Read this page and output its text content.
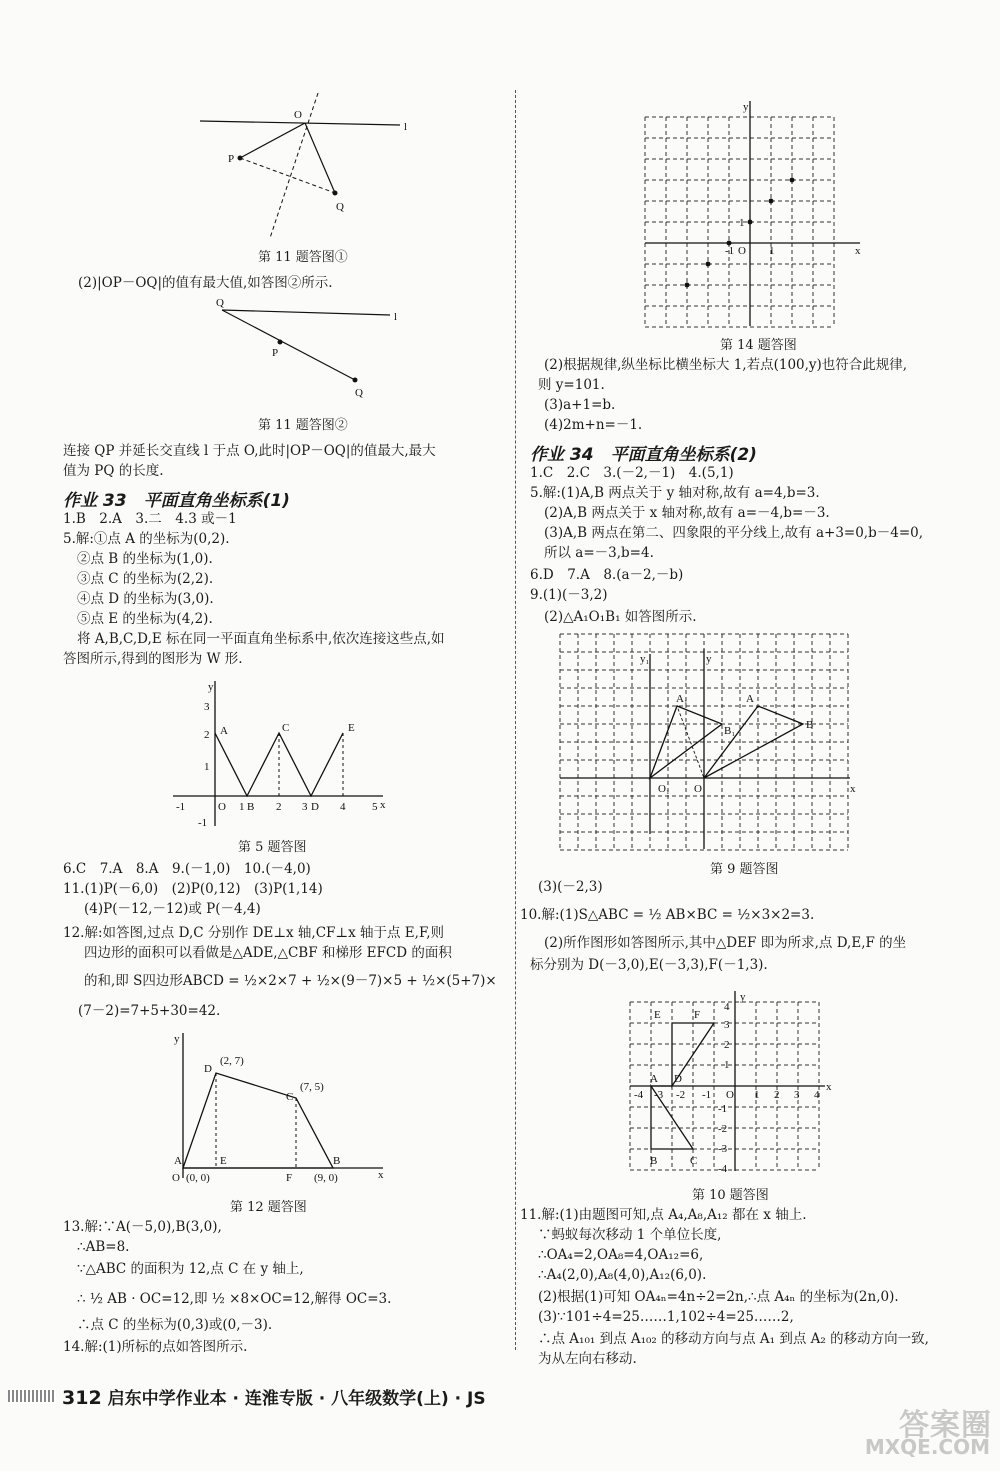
O
l
P
Q
第 11 题答图①
(2)|OP－OQ|的值有最大值,如答图②所示.
Q
l
P
Q
第 11 题答图②
连接 QP 并延长交直线 l 于点 O,此时|OP－OQ|的值最大,最大
值为 PQ 的长度.
作业 33　平面直角坐标系(1)
1.B　2.A　3.二　4.3 或－1
5.解:①点 A 的坐标为(0,2).
②点 B 的坐标为(1,0).
③点 C 的坐标为(2,2).
④点 D 的坐标为(3,0).
⑤点 E 的坐标为(4,2).
将 A,B,C,D,E 标在同一平面直角坐标系中,依次连接这些点,如
答图所示,得到的图形为 W 形.
x
y
O
-1	2	4 5
3
2
1
-1
A
1 B
C
3 D
E
第 5 题答图
6.C　7.A　8.A　9.(－1,0)　10.(－4,0)
11.(1)P(－6,0)　(2)P(0,12)　(3)P(1,14)
(4)P(－12,－12)或 P(－4,4)
12.解:如答图,过点 D,C 分别作 DE⊥x 轴,CF⊥x 轴于点 E,F,则
四边形的面积可以看做是△ADE,△CBF 和梯形 EFCD 的面积
的和,即 S四边形ABCD = ½×2×7 + ½×(9－7)×5 + ½×(5+7)×
(7－2)=7+5+30=42.
y
x
D
(2, 7)
C
(7, 5)
A
O (0, 0)
E
F
B
(9, 0)
第 12 题答图
13.解:∵A(－5,0),B(3,0),
∴AB=8.
∵△ABC 的面积为 12,点 C 在 y 轴上,
∴ ½ AB · OC=12,即 ½ ×8×OC=12,解得 OC=3.
∴点 C 的坐标为(0,3)或(0,－3).
14.解:(1)所标的点如答图所示.
y
x
1
-1 O 1
第 14 题答图
(2)根据规律,纵坐标比横坐标大 1,若点(100,y)也符合此规律,
则 y=101.
(3)a+1=b.
(4)2m+n=－1.
作业 34　平面直角坐标系(2)
1.C　2.C　3.(－2,－1)　4.(5,1)
5.解:(1)A,B 两点关于 y 轴对称,故有 a=4,b=3.
(2)A,B 两点关于 x 轴对称,故有 a=－4,b=－3.
(3)A,B 两点在第二、四象限的平分线上,故有 a+3=0,b－4=0,
所以 a=－3,b=4.
6.D　7.A　8.(a－2,－b)
9.(1)(－3,2)
(2)△A₁O₁B₁ 如答图所示.
A₁
B₁
O₁
A
B
O	x
y₁	y
第 9 题答图
(3)(－2,3)
10.解:(1)S△ABC = ½ AB×BC = ½×3×2=3.
(2)所作图形如答图所示,其中△DEF 即为所求,点 D,E,F 的坐
标分别为 D(－3,0),E(－3,3),F(－1,3).
E	F
A D
B	C
x
y
O
-4
-3
-2
-1
4
3
2
1
-4 -3 -2 -1	1 2 3 4
第 10 题答图
11.解:(1)由题图可知,点 A₄,A₈,A₁₂ 都在 x 轴上.
∵蚂蚁每次移动 1 个单位长度,
∴OA₄=2,OA₈=4,OA₁₂=6,
∴A₄(2,0),A₈(4,0),A₁₂(6,0).
(2)根据(1)可知 OA₄ₙ=4n÷2=2n,∴点 A₄ₙ 的坐标为(2n,0).
(3)∵101÷4=25……1,102÷4=25……2,
∴点 A₁₀₁ 到点 A₁₀₂ 的移动方向与点 A₁ 到点 A₂ 的移动方向一致,
为从左向右移动.
312 启东中学作业本 · 连淮专版 · 八年级数学(上) · JS
答案圈
MXQE.COM
